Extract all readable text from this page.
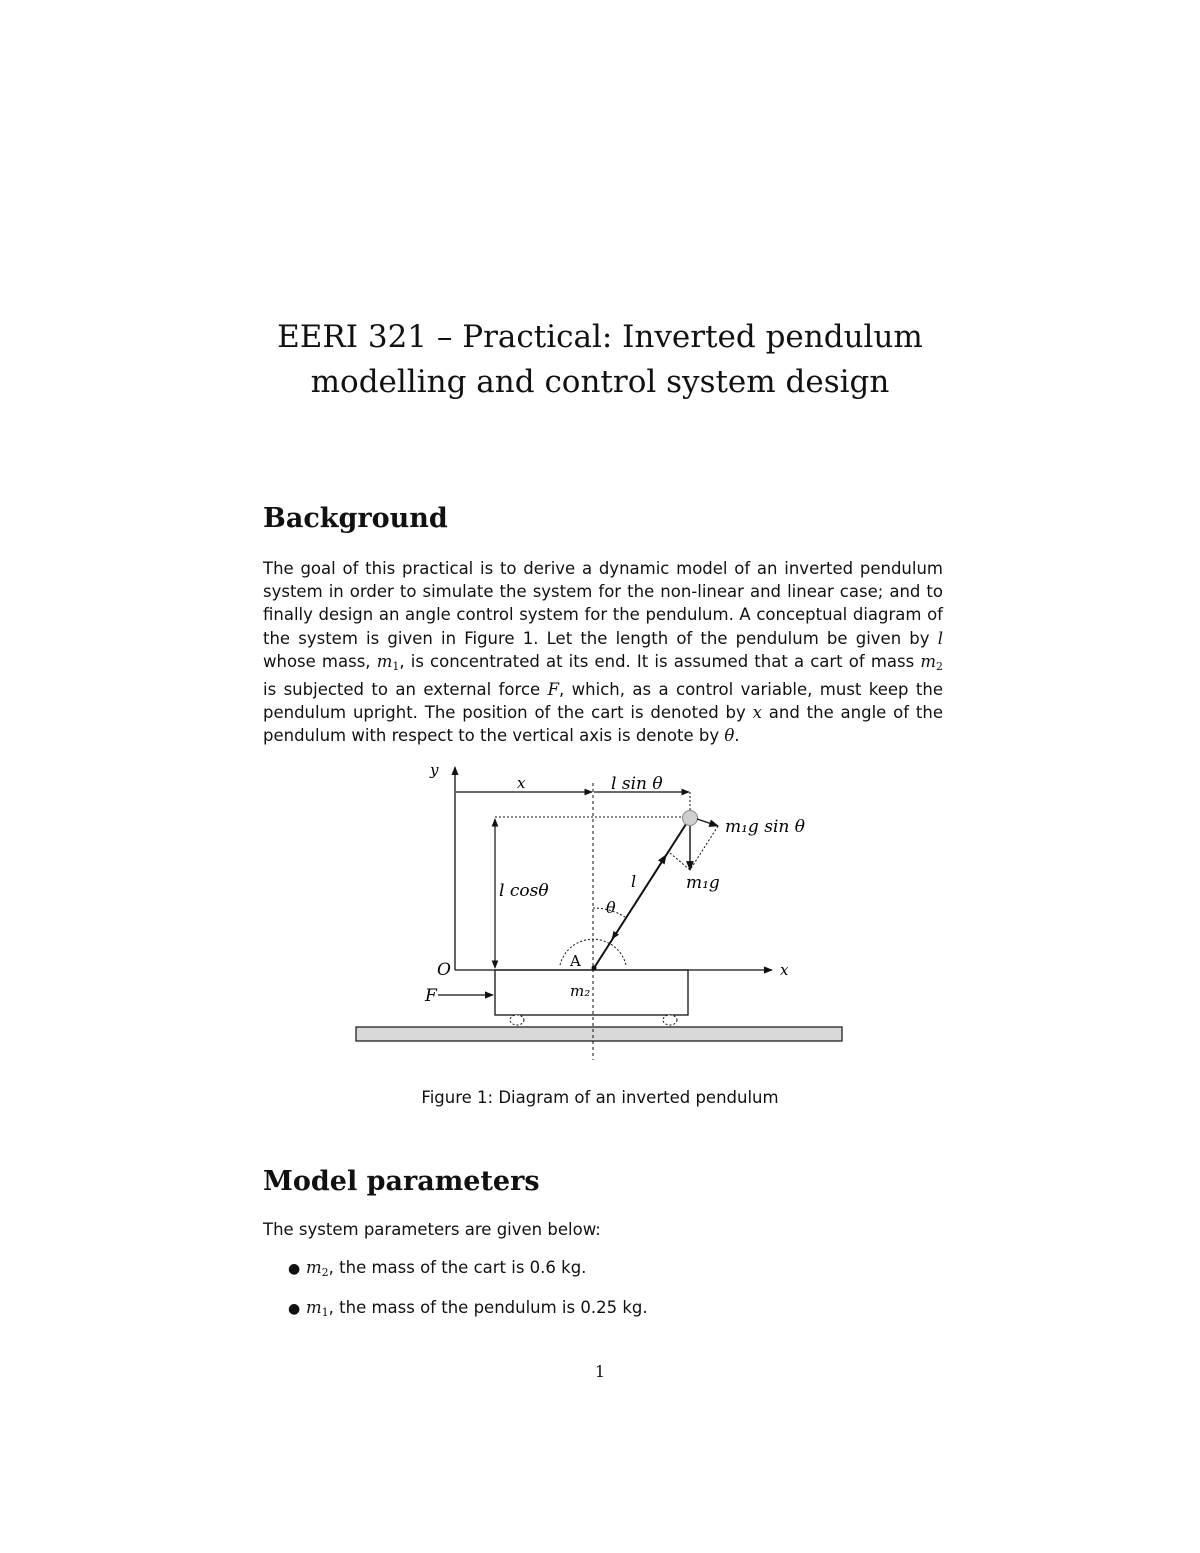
EERI 321 – Practical: Inverted pendulum
modelling and control system design
Background

The goal of this practical is to derive a dynamic model of an inverted pendulum system in order to simulate the system for the non-linear and linear case; and to finally design an angle control system for the pendulum. A conceptual diagram of the system is given in Figure 1. Let the length of the pendulum be given by l whose mass, $m_1$, is concentrated at its end. It is assumed that a cart of mass $m_2$ is subjected to an external force F, which, as a control variable, must keep the pendulum upright. The position of the cart is denoted by x and the angle of the pendulum with respect to the vertical axis is denote by θ.

y
x	l sin θ
m₁g sin θ
l	m₁g
l cosθ
θ
O	A	x
F	m₂

Figure 1: Diagram of an inverted pendulum

Model parameters

The system parameters are given below:

● $m_2$, the mass of the cart is 0.6 kg.
● $m_1$, the mass of the pendulum is 0.25 kg.
1
